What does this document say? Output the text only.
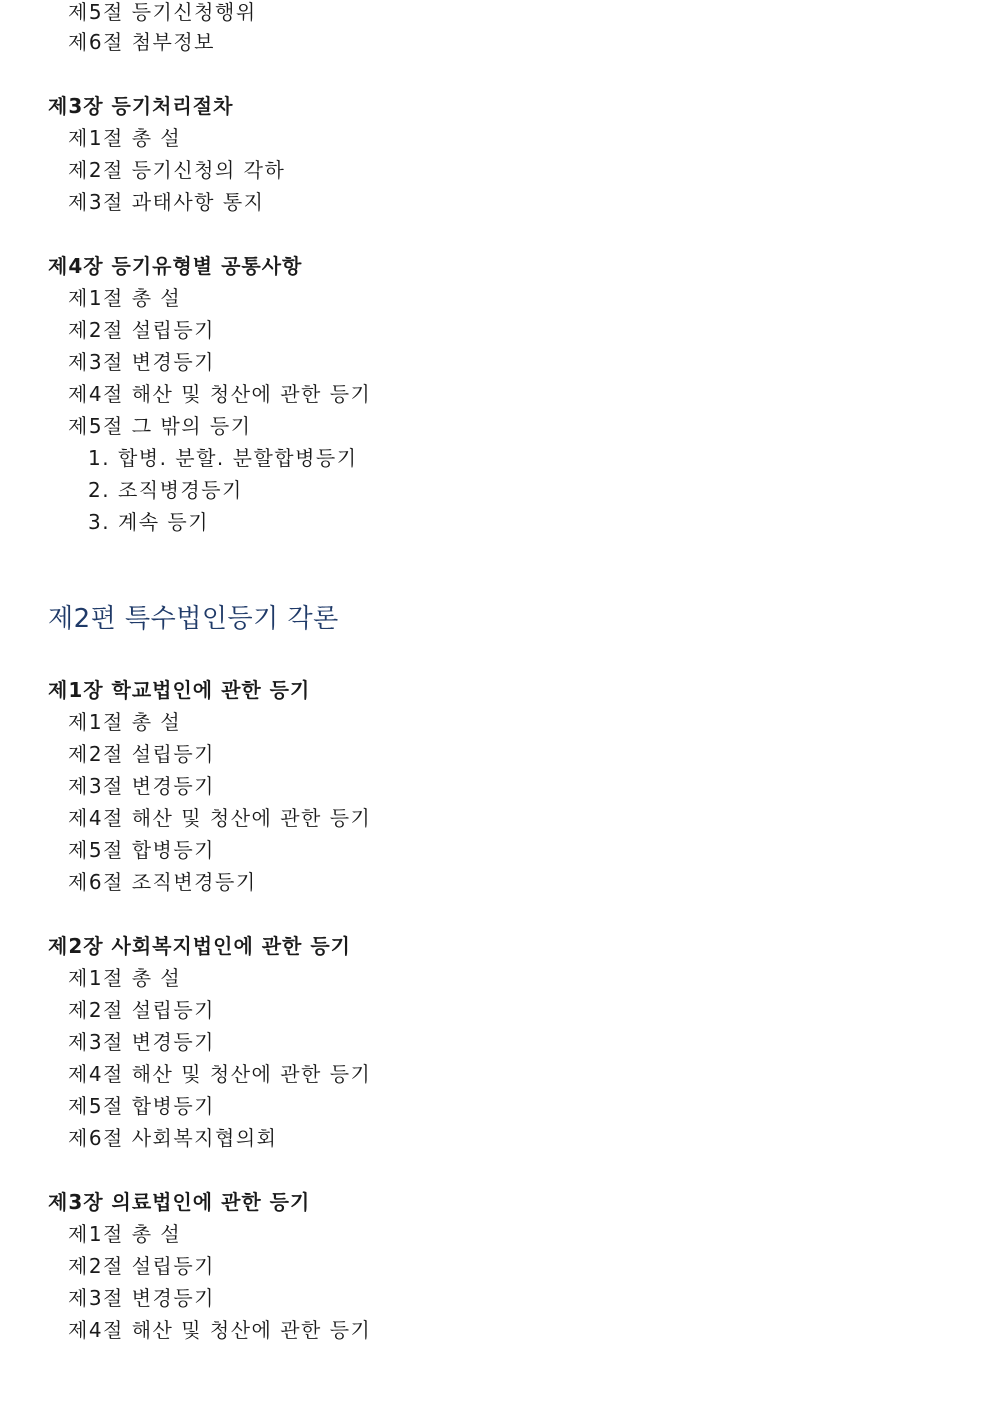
제5절 등기신청행위
제6절 첨부정보
제3장 등기처리절차
제1절 총 설
제2절 등기신청의 각하
제3절 과태사항 통지
제4장 등기유형별 공통사항
제1절 총 설
제2절 설립등기
제3절 변경등기
제4절 해산 및 청산에 관한 등기
제5절 그 밖의 등기
1. 합병. 분할. 분할합병등기
2. 조직병경등기
3. 계속 등기
제2편 특수법인등기 각론
제1장 학교법인에 관한 등기
제1절 총 설
제2절 설립등기
제3절 변경등기
제4절 해산 및 청산에 관한 등기
제5절 합병등기
제6절 조직변경등기
제2장 사회복지법인에 관한 등기
제1절 총 설
제2절 설립등기
제3절 변경등기
제4절 해산 및 청산에 관한 등기
제5절 합병등기
제6절 사회복지협의회
제3장 의료법인에 관한 등기
제1절 총 설
제2절 설립등기
제3절 변경등기
제4절 해산 및 청산에 관한 등기
